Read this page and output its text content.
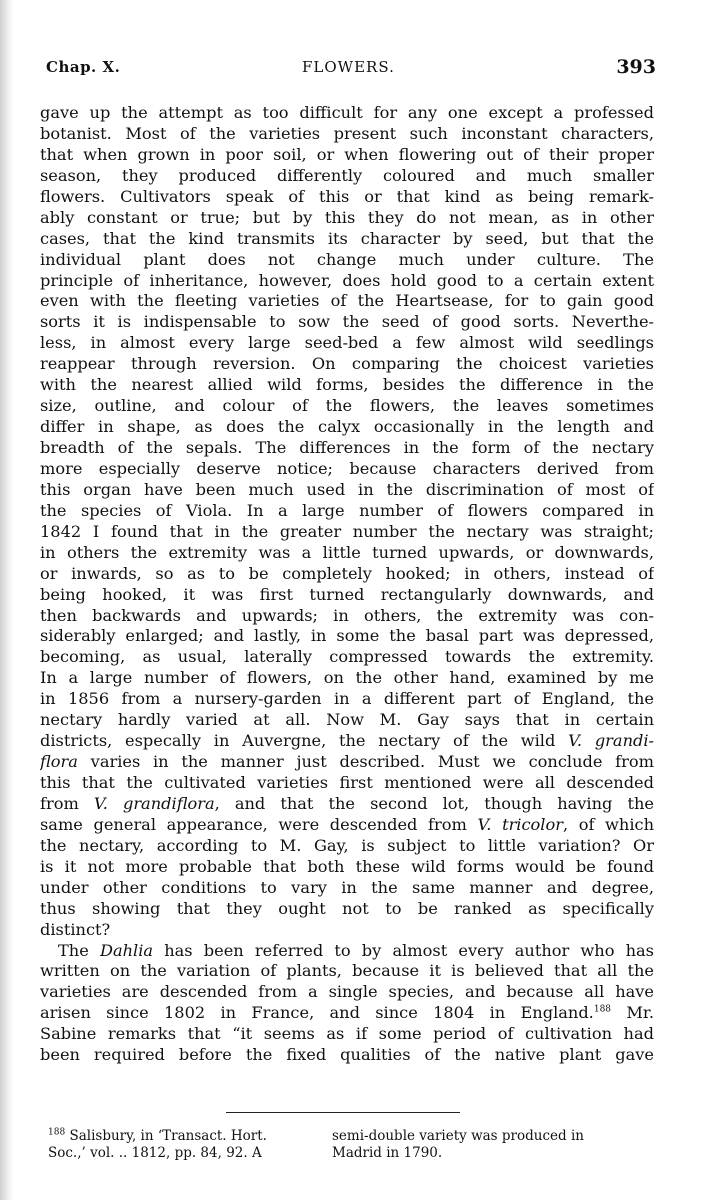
Chap. X.	FLOWERS.	393
gave up the attempt as too difficult for any one except a professed
botanist. Most of the varieties present such inconstant characters,
that when grown in poor soil, or when flowering out of their proper
season, they produced differently coloured and much smaller
flowers. Cultivators speak of this or that kind as being remark-
ably constant or true; but by this they do not mean, as in other
cases, that the kind transmits its character by seed, but that the
individual plant does not change much under culture. The
principle of inheritance, however, does hold good to a certain extent
even with the fleeting varieties of the Heartsease, for to gain good
sorts it is indispensable to sow the seed of good sorts. Neverthe-
less, in almost every large seed-bed a few almost wild seedlings
reappear through reversion. On comparing the choicest varieties
with the nearest allied wild forms, besides the difference in the
size, outline, and colour of the flowers, the leaves sometimes
differ in shape, as does the calyx occasionally in the length and
breadth of the sepals. The differences in the form of the nectary
more especially deserve notice; because characters derived from
this organ have been much used in the discrimination of most of
the species of Viola. In a large number of flowers compared in
1842 I found that in the greater number the nectary was straight;
in others the extremity was a little turned upwards, or downwards,
or inwards, so as to be completely hooked; in others, instead of
being hooked, it was first turned rectangularly downwards, and
then backwards and upwards; in others, the extremity was con-
siderably enlarged; and lastly, in some the basal part was depressed,
becoming, as usual, laterally compressed towards the extremity.
In a large number of flowers, on the other hand, examined by me
in 1856 from a nursery-garden in a different part of England, the
nectary hardly varied at all. Now M. Gay says that in certain
districts, especally in Auvergne, the nectary of the wild V. grandi-
flora varies in the manner just described. Must we conclude from
this that the cultivated varieties first mentioned were all descended
from V. grandiflora, and that the second lot, though having the
same general appearance, were descended from V. tricolor, of which
the nectary, according to M. Gay, is subject to little variation? Or
is it not more probable that both these wild forms would be found
under other conditions to vary in the same manner and degree,
thus showing that they ought not to be ranked as specifically
distinct?
The Dahlia has been referred to by almost every author who has
written on the variation of plants, because it is believed that all the
varieties are descended from a single species, and because all have
arisen since 1802 in France, and since 1804 in England.$^{188}$ Mr.
Sabine remarks that “it seems as if some period of cultivation had
been required before the fixed qualities of the native plant gave
$^{188}$ Salisbury, in ‘Transact. Hort.
Soc.,’ vol. .. 1812, pp. 84, 92. A
semi-double variety was produced in
Madrid in 1790.
